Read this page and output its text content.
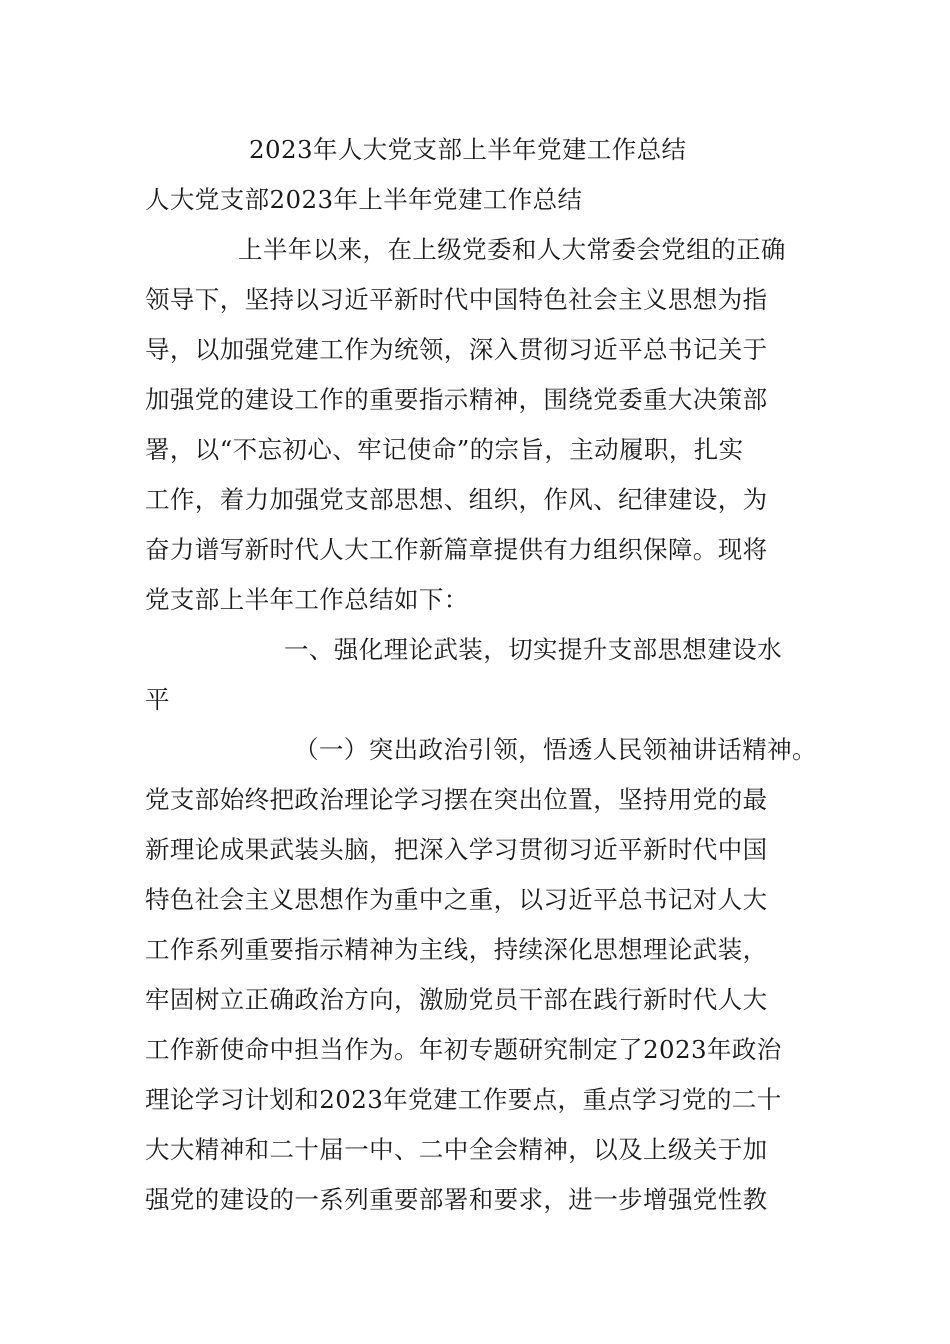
2023年人大党支部上半年党建工作总结
人大党支部2023年上半年党建工作总结
上半年以来，在上级党委和人大常委会党组的正确
领导下，坚持以习近平新时代中国特色社会主义思想为指
导，以加强党建工作为统领，深入贯彻习近平总书记关于
加强党的建设工作的重要指示精神，围绕党委重大决策部
署，以“不忘初心、牢记使命”的宗旨，主动履职，扎实
工作，着力加强党支部思想、组织，作风、纪律建设，为
奋力谱写新时代人大工作新篇章提供有力组织保障。现将
党支部上半年工作总结如下：
一、强化理论武装，切实提升支部思想建设水
平
（一）突出政治引领，悟透人民领袖讲话精神。
党支部始终把政治理论学习摆在突出位置，坚持用党的最
新理论成果武装头脑，把深入学习贯彻习近平新时代中国
特色社会主义思想作为重中之重，以习近平总书记对人大
工作系列重要指示精神为主线，持续深化思想理论武装，
牢固树立正确政治方向，激励党员干部在践行新时代人大
工作新使命中担当作为。年初专题研究制定了2023年政治
理论学习计划和2023年党建工作要点，重点学习党的二十
大大精神和二十届一中、二中全会精神，以及上级关于加
强党的建设的一系列重要部署和要求，进一步增强党性教
